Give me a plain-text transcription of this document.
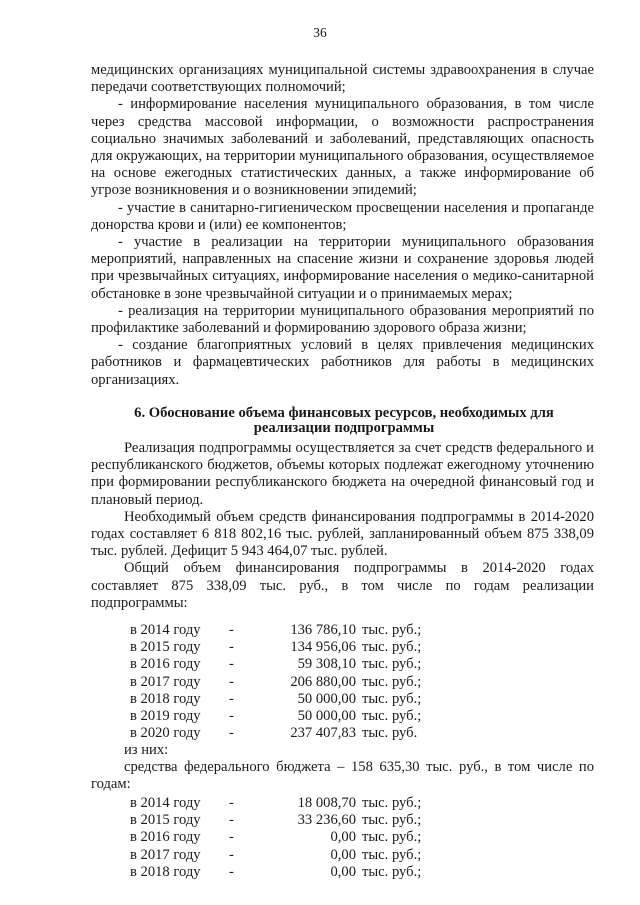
36

медицинских организациях муниципальной системы здравоохранения в случае передачи соответствующих полномочий;

- информирование населения муниципального образования, в том числе через средства массовой информации, о возможности распространения социально значимых заболеваний и заболеваний, представляющих опасность для окружающих, на территории муниципального образования, осуществляемое на основе ежегодных статистических данных, а также информирование об угрозе возникновения и о возникновении эпидемий;

- участие в санитарно-гигиеническом просвещении населения и пропаганде донорства крови и (или) ее компонентов;

- участие в реализации на территории муниципального образования мероприятий, направленных на спасение жизни и сохранение здоровья людей при чрезвычайных ситуациях, информирование населения о медико-санитарной обстановке в зоне чрезвычайной ситуации и о принимаемых мерах;

- реализация на территории муниципального образования мероприятий по профилактике заболеваний и формированию здорового образа жизни;

- создание благоприятных условий в целях привлечения медицинских работников и фармацевтических работников для работы в медицинских организациях.

6. Обоснование объема финансовых ресурсов, необходимых для реализации подпрограммы

Реализация подпрограммы осуществляется за счет средств федерального и республиканского бюджетов, объемы которых подлежат ежегодному уточнению при формировании республиканского бюджета на очередной финансовый год и плановый период.

Необходимый объем средств финансирования подпрограммы в 2014-2020 годах составляет 6 818 802,16 тыс. рублей, запланированный объем 875 338,09 тыс. рублей. Дефицит 5 943 464,07 тыс. рублей.

Общий объем финансирования подпрограммы в 2014-2020 годах составляет 875 338,09 тыс. руб., в том числе по годам реализации подпрограммы:

в 2014 году -	136 786,10 тыс. руб.;
в 2015 году -	134 956,06 тыс. руб.;
в 2016 году -	59 308,10 тыс. руб.;
в 2017 году -	206 880,00 тыс. руб.;
в 2018 году -	50 000,00 тыс. руб.;
в 2019 году -	50 000,00 тыс. руб.;
в 2020 году -	237 407,83 тыс. руб.
из них:

средства федерального бюджета – 158 635,30 тыс. руб., в том числе по годам:

в 2014 году -	18 008,70 тыс. руб.;
в 2015 году -	33 236,60 тыс. руб.;
в 2016 году -	0,00 тыс. руб.;
в 2017 году -	0,00 тыс. руб.;
в 2018 году -	0,00 тыс. руб.;
